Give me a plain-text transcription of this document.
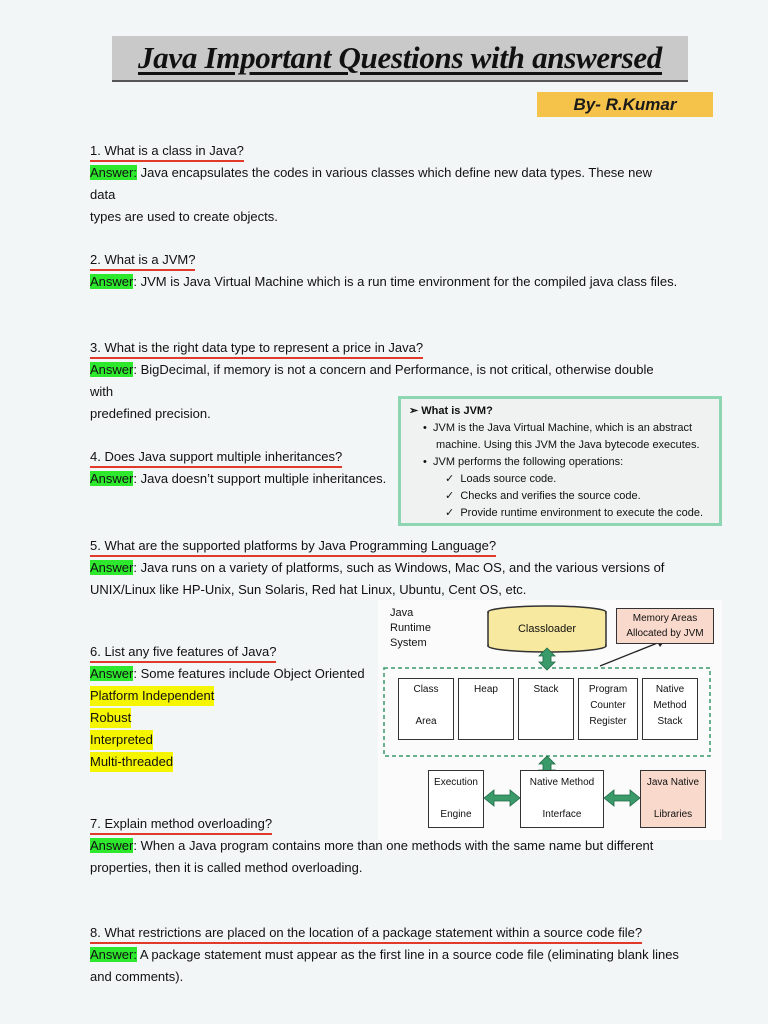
Java Important Questions with answersed
By- R.Kumar
1. What is a class in Java?
Answer: Java encapsulates the codes in various classes which define new data types. These new data
types are used to create objects.
2. What is a JVM?
Answer: JVM is Java Virtual Machine which is a run time environment for the compiled java class files.
3. What is the right data type to represent a price in Java?
Answer: BigDecimal, if memory is not a concern and Performance, is not critical, otherwise double with
predefined precision.
4. Does Java support multiple inheritances?
Answer: Java doesn’t support multiple inheritances.
➢ What is JVM?
• JVM is the Java Virtual Machine, which is an abstract
machine. Using this JVM the Java bytecode executes.
• JVM performs the following operations:
✓ Loads source code.
✓ Checks and verifies the source code.
✓ Provide runtime environment to execute the code.
5. What are the supported platforms by Java Programming Language?
Answer: Java runs on a variety of platforms, such as Windows, Mac OS, and the various versions of
UNIX/Linux like HP-Unix, Sun Solaris, Red hat Linux, Ubuntu, Cent OS, etc.
6. List any five features of Java?
Answer: Some features include Object Oriented
Platform Independent
Robust
Interpreted
Multi-threaded
Java
Runtime
System
Classloader
Memory Areas
Allocated by JVM
Class

Area
Heap	Stack	Program
Counter
Register
Native
Method
Stack
Execution

Engine
Native Method

Interface
Java Native

Libraries
7. Explain method overloading?
Answer: When a Java program contains more than one methods with the same name but different
properties, then it is called method overloading.
8. What restrictions are placed on the location of a package statement within a source code file?
Answer: A package statement must appear as the first line in a source code file (eliminating blank lines
and comments).
